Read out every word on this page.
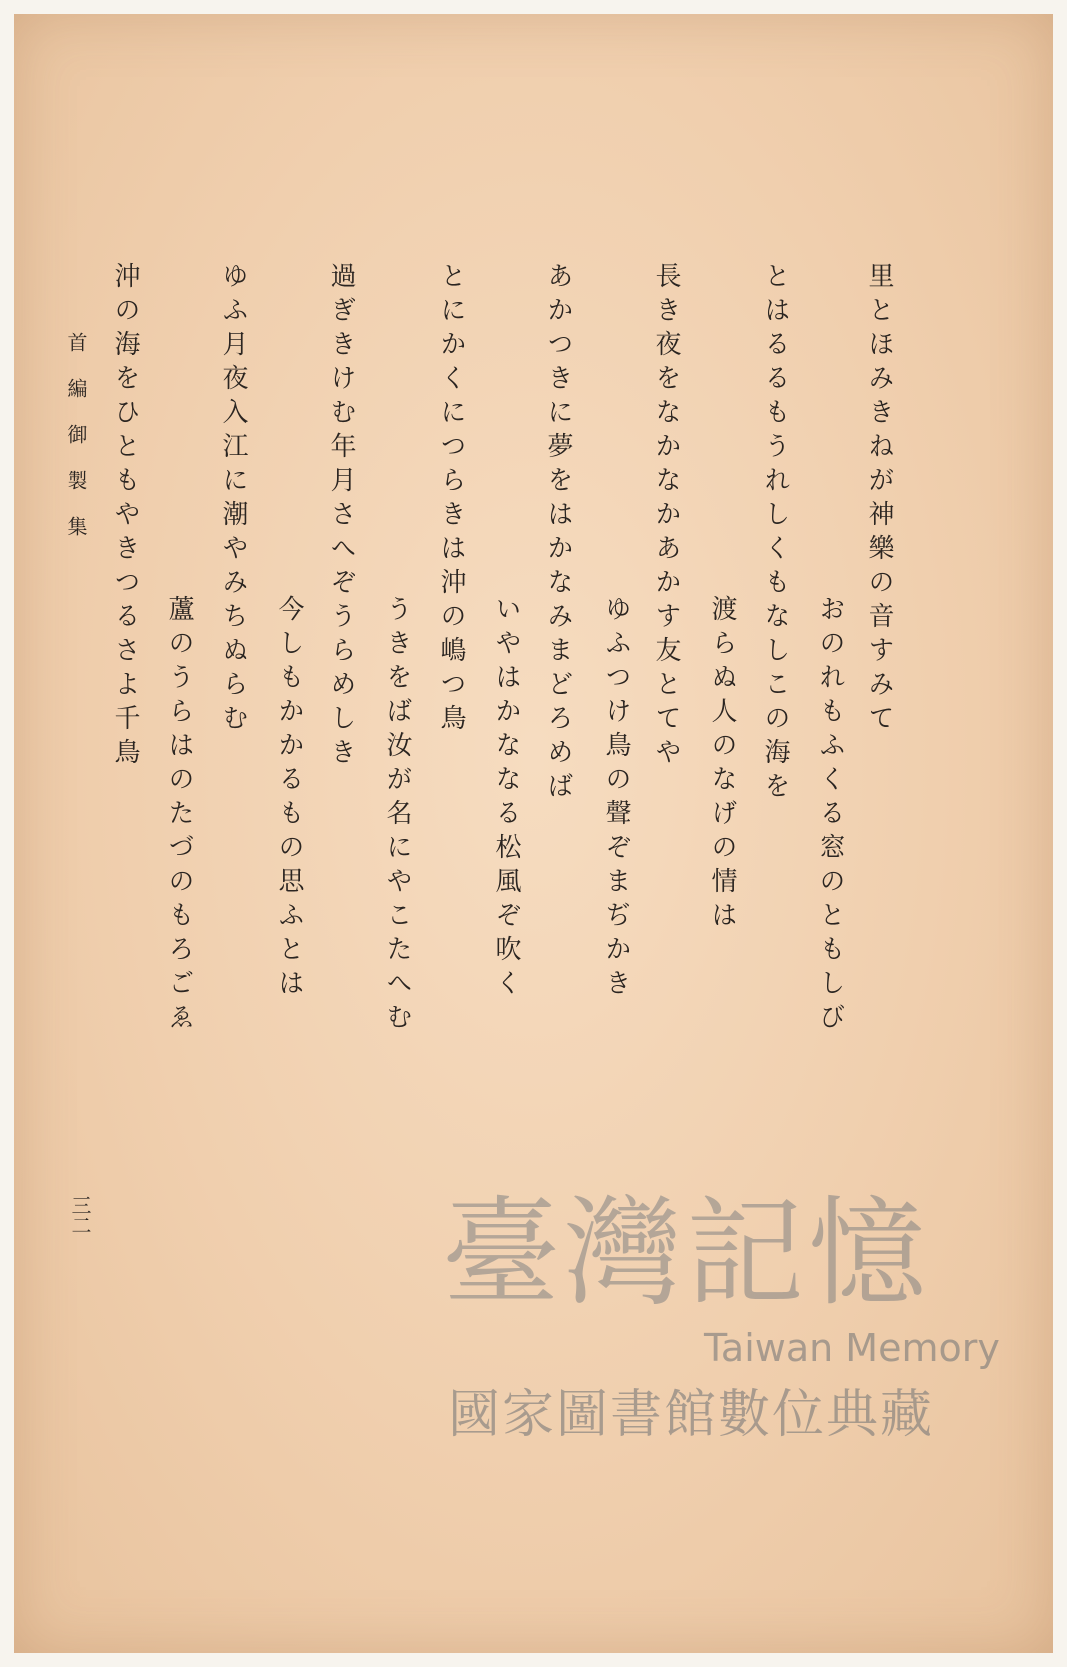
里とほみきねが神樂の音すみて
おのれもふくる窓のともしび
とはるるもうれしくもなしこの海を
渡らぬ人のなげの情は
長き夜をなかなかあかす友とてや
ゆふつけ鳥の聲ぞまぢかき
あかつきに夢をはかなみまどろめば
いやはかななる松風ぞ吹く
とにかくにつらきは沖の嶋つ鳥
うきをば汝が名にやこたへむ
過ぎきけむ年月さへぞうらめしき
今しもかかるもの思ふとは
ゆふ月夜入江に潮やみちぬらむ
蘆のうらはのたづのもろごゑ
沖の海をひともやきつるさよ千鳥
首編御製集
三二	臺灣記憶
Taiwan Memory
國家圖書館數位典藏
